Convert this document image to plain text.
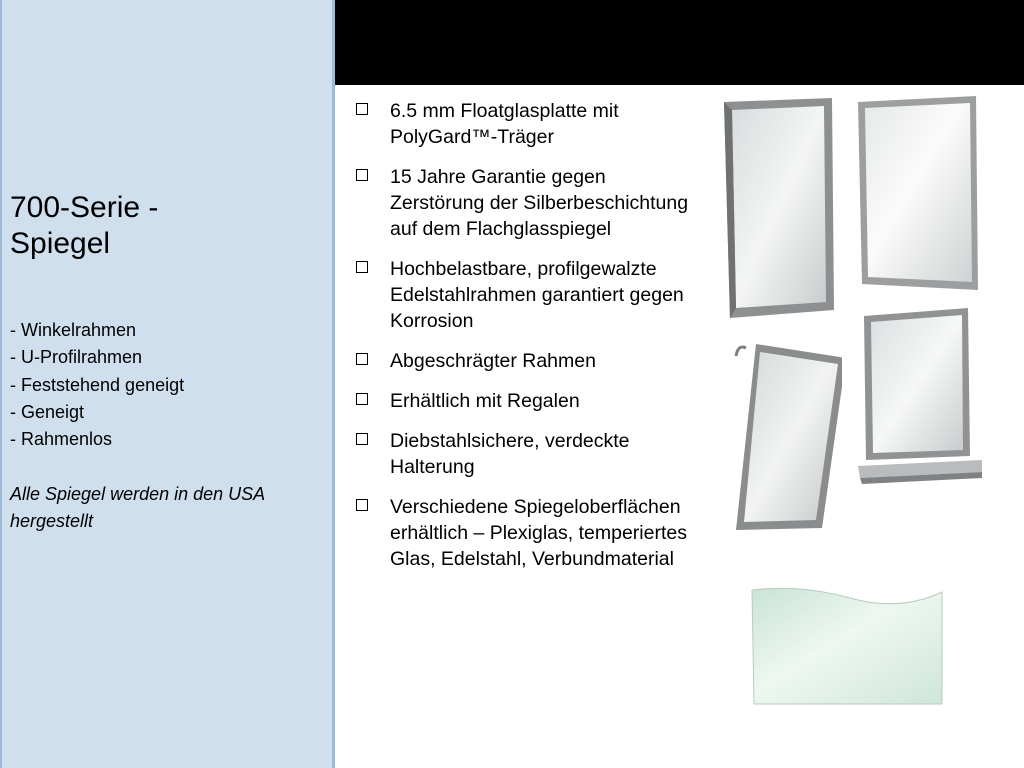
700-Serie -
Spiegel
- Winkelrahmen
- U-Profilrahmen
- Feststehend geneigt
- Geneigt
- Rahmenlos
Alle Spiegel werden in den USA hergestellt
6.5 mm Floatglasplatte mit PolyGard™-Träger
15 Jahre Garantie gegen Zerstörung der Silberbeschichtung auf dem Flachglasspiegel
Hochbelastbare, profilgewalzte Edelstahlrahmen garantiert gegen Korrosion
Abgeschrägter Rahmen
Erhältlich mit Regalen
Diebstahlsichere, verdeckte Halterung
Verschiedene Spiegeloberflächen erhältlich – Plexiglas, temperiertes Glas, Edelstahl, Verbundmaterial
